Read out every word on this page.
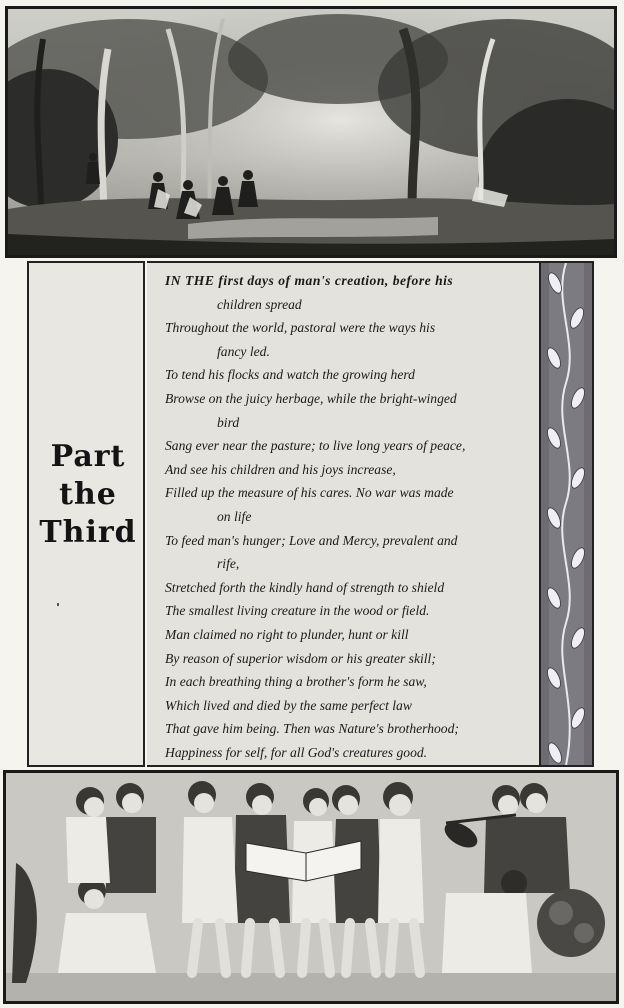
Part
the
Third
IN THE first days of man's creation, before his
children spread
Throughout the world, pastoral were the ways his
fancy led.
To tend his flocks and watch the growing herd
Browse on the juicy herbage, while the bright-winged
bird
Sang ever near the pasture; to live long years of peace,
And see his children and his joys increase,
Filled up the measure of his cares. No war was made
on life
To feed man's hunger; Love and Mercy, prevalent and
rife,
Stretched forth the kindly hand of strength to shield
The smallest living creature in the wood or field.
Man claimed no right to plunder, hunt or kill
By reason of superior wisdom or his greater skill;
In each breathing thing a brother's form he saw,
Which lived and died by the same perfect law
That gave him being. Then was Nature's brotherhood;
Happiness for self, for all God's creatures good.
